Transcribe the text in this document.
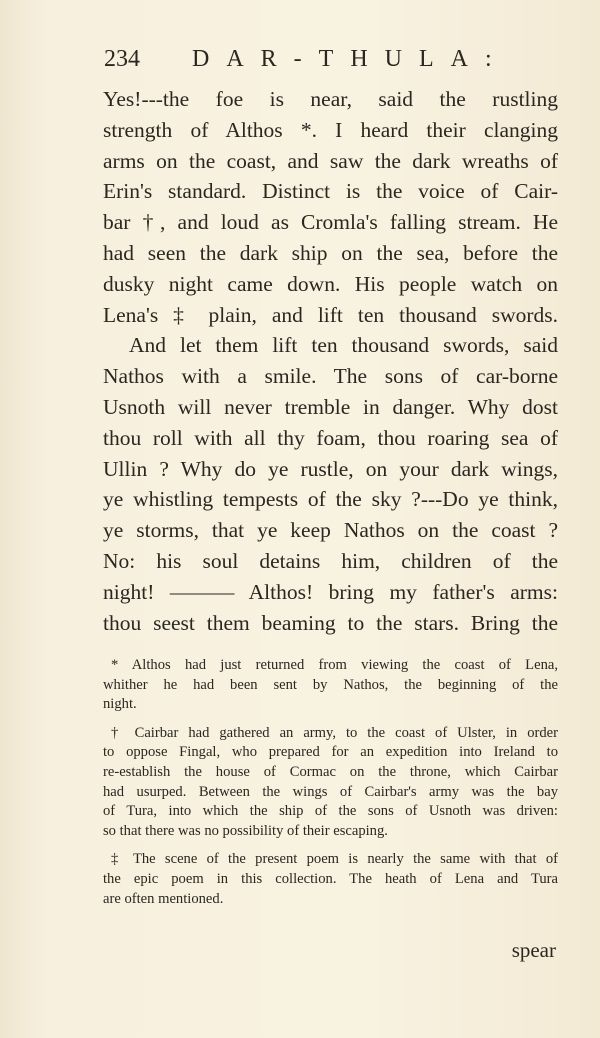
234 DAR-THULA:
Yes!---the foe is near, said the rustling
strength of Althos *. I heard their clanging
arms on the coast, and saw the dark wreaths of
Erin's standard. Distinct is the voice of Cair-
bar †, and loud as Cromla's falling stream. He
had seen the dark ship on the sea, before the
dusky night came down. His people watch on
Lena's ‡ plain, and lift ten thousand swords.
And let them lift ten thousand swords, said
Nathos with a smile. The sons of car-borne
Usnoth will never tremble in danger. Why dost
thou roll with all thy foam, thou roaring sea of
Ullin ? Why do ye rustle, on your dark wings,
ye whistling tempests of the sky ?---Do ye think,
ye storms, that ye keep Nathos on the coast ?
No: his soul detains him, children of the
night! ——— Althos! bring my father's arms:
thou seest them beaming to the stars. Bring the
* Althos had just returned from viewing the coast of Lena,
whither he had been sent by Nathos, the beginning of the
night.
† Cairbar had gathered an army, to the coast of Ulster, in order
to oppose Fingal, who prepared for an expedition into Ireland to
re-establish the house of Cormac on the throne, which Cairbar
had usurped. Between the wings of Cairbar's army was the bay
of Tura, into which the ship of the sons of Usnoth was driven:
so that there was no possibility of their escaping.
‡ The scene of the present poem is nearly the same with that of
the epic poem in this collection. The heath of Lena and Tura
are often mentioned.
spear
